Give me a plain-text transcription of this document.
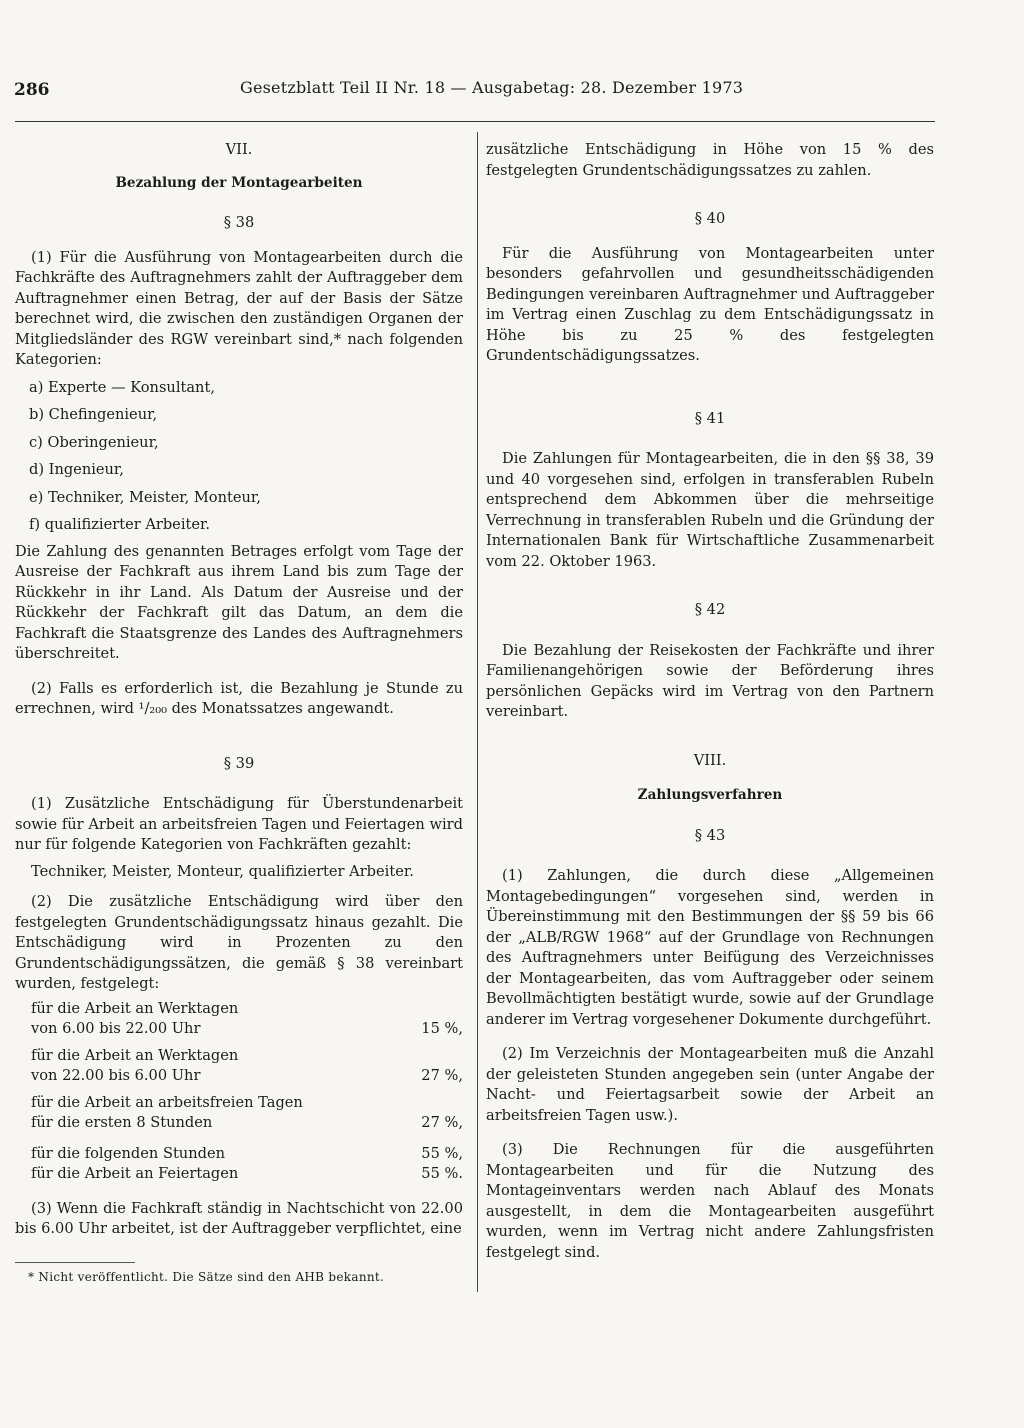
286	Gesetzblatt Teil II Nr. 18 — Ausgabetag: 28. Dezember 1973
VII.
Bezahlung der Montagearbeiten
§ 38

(1) Für die Ausführung von Montagearbeiten durch die Fachkräfte des Auftragnehmers zahlt der Auftraggeber dem Auftragnehmer einen Betrag, der auf der Basis der Sätze berechnet wird, die zwischen den zuständigen Organen der Mitgliedsländer des RGW vereinbart sind,* nach folgenden Kategorien:

a) Experte — Konsultant,
b) Chefingenieur,
c) Oberingenieur,
d) Ingenieur,
e) Techniker, Meister, Monteur,
f) qualifizierter Arbeiter.

Die Zahlung des genannten Betrages erfolgt vom Tage der Ausreise der Fachkraft aus ihrem Land bis zum Tage der Rückkehr in ihr Land. Als Datum der Ausreise und der Rückkehr der Fachkraft gilt das Datum, an dem die Fachkraft die Staatsgrenze des Landes des Auftragnehmers überschreitet.

(2) Falls es erforderlich ist, die Bezahlung je Stunde zu errechnen, wird ¹/₂₀₀ des Monatssatzes angewandt.

§ 39

(1) Zusätzliche Entschädigung für Überstundenarbeit sowie für Arbeit an arbeitsfreien Tagen und Feiertagen wird nur für folgende Kategorien von Fachkräften gezahlt:

Techniker, Meister, Monteur, qualifizierter Arbeiter.

(2) Die zusätzliche Entschädigung wird über den festgelegten Grundentschädigungssatz hinaus gezahlt. Die Entschädigung wird in Prozenten zu den Grundentschädigungssätzen, die gemäß § 38 vereinbart wurden, festgelegt:

für die Arbeit an Werktagen
von 6.00 bis 22.00 Uhr	15 %,
für die Arbeit an Werktagen
von 22.00 bis 6.00 Uhr	27 %,
für die Arbeit an arbeitsfreien Tagen
für die ersten 8 Stunden	27 %,
für die folgenden Stunden	55 %,
für die Arbeit an Feiertagen	55 %.

(3) Wenn die Fachkraft ständig in Nachtschicht von 22.00 bis 6.00 Uhr arbeitet, ist der Auftraggeber verpflichtet, eine

* Nicht veröffentlicht. Die Sätze sind den AHB bekannt.

zusätzliche Entschädigung in Höhe von 15 % des festgelegten Grundentschädigungssatzes zu zahlen.

§ 40

Für die Ausführung von Montagearbeiten unter besonders gefahrvollen und gesundheitsschädigenden Bedingungen vereinbaren Auftragnehmer und Auftraggeber im Vertrag einen Zuschlag zu dem Entschädigungssatz in Höhe bis zu 25 % des festgelegten Grundentschädigungssatzes.

§ 41

Die Zahlungen für Montagearbeiten, die in den §§ 38, 39 und 40 vorgesehen sind, erfolgen in transferablen Rubeln entsprechend dem Abkommen über die mehrseitige Verrechnung in transferablen Rubeln und die Gründung der Internationalen Bank für Wirtschaftliche Zusammenarbeit vom 22. Oktober 1963.

§ 42

Die Bezahlung der Reisekosten der Fachkräfte und ihrer Familienangehörigen sowie der Beförderung ihres persönlichen Gepäcks wird im Vertrag von den Partnern vereinbart.

VIII.
Zahlungsverfahren
§ 43

(1) Zahlungen, die durch diese „Allgemeinen Montagebedingungen“ vorgesehen sind, werden in Übereinstimmung mit den Bestimmungen der §§ 59 bis 66 der „ALB/RGW 1968“ auf der Grundlage von Rechnungen des Auftragnehmers unter Beifügung des Verzeichnisses der Montagearbeiten, das vom Auftraggeber oder seinem Bevollmächtigten bestätigt wurde, sowie auf der Grundlage anderer im Vertrag vorgesehener Dokumente durchgeführt.

(2) Im Verzeichnis der Montagearbeiten muß die Anzahl der geleisteten Stunden angegeben sein (unter Angabe der Nacht- und Feiertagsarbeit sowie der Arbeit an arbeitsfreien Tagen usw.).

(3) Die Rechnungen für die ausgeführten Montagearbeiten und für die Nutzung des Montageinventars werden nach Ablauf des Monats ausgestellt, in dem die Montagearbeiten ausgeführt wurden, wenn im Vertrag nicht andere Zahlungsfristen festgelegt sind.
